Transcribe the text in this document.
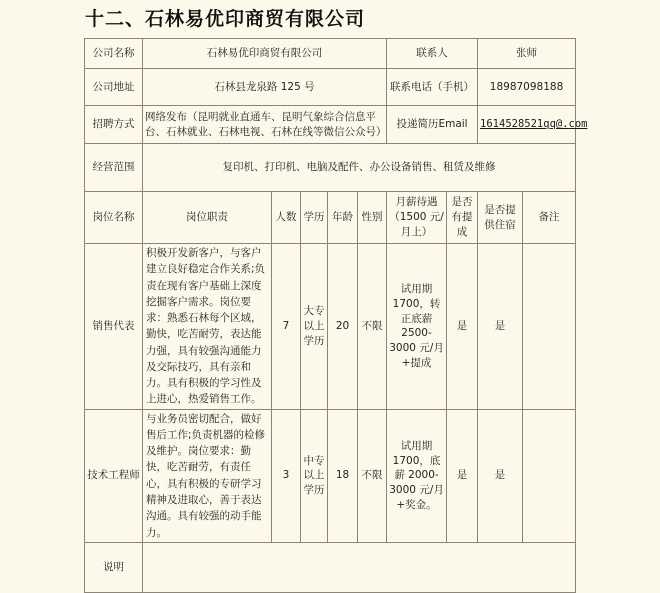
十二、石林易优印商贸有限公司
公司名称	石林易优印商贸有限公司					联系人		张师	
公司地址	石林县龙泉路 125 号					联系电话（手机）		18987098188	
招聘方式	网络发布（昆明就业直通车、昆明气象综合信息平台、石林就业、石林电视、石林在线等微信公众号）					投递简历Email		1614528521qq@.com	
经营范围	复印机、打印机、电脑及配件、办公设备销售、租赁及维修								
岗位名称	岗位职责	人数	学历	年龄	性别	月薪待遇（1500 元/月上）	是否有提成	是否提供住宿	备注
销售代表	积极开发新客户，与客户建立良好稳定合作关系;负责在现有客户基础上深度挖掘客户需求。岗位要求：熟悉石林每个区域，勤快，吃苦耐劳，表达能力强，具有较强沟通能力及交际技巧，具有亲和力。具有积极的学习性及上进心，热爱销售工作。	7	大专以上学历	20	不限	试用期 1700，转正底薪 2500-3000 元/月+提成	是	是	
技术工程师	与业务员密切配合，做好售后工作;负责机器的检修及维护。岗位要求：勤快，吃苦耐劳，有责任心，具有积极的专研学习精神及进取心，善于表达沟通。具有较强的动手能力。	3	中专以上学历	18	不限	试用期 1700，底薪 2000-3000 元/月+奖金。	是	是	
说明									
